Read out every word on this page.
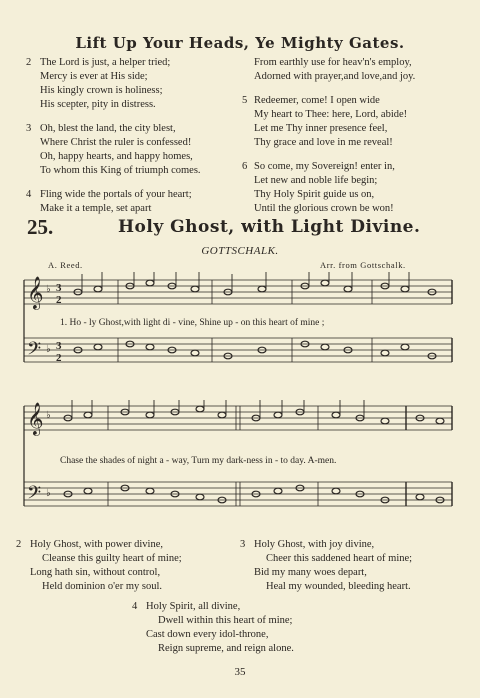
Lift Up Your Heads, Ye Mighty Gates.
2 The Lord is just, a helper tried;
Mercy is ever at His side;
His kingly crown is holiness;
His scepter, pity in distress.
3 Oh, blest the land, the city blest,
Where Christ the ruler is confessed!
Oh, happy hearts, and happy homes,
To whom this King of triumph comes.
4 Fling wide the portals of your heart;
Make it a temple, set apart
From earthly use for heav'n's employ,
Adorned with prayer,and love,and joy.
5 Redeemer, come! I open wide
My heart to Thee: here, Lord, abide!
Let me Thy inner presence feel,
Thy grace and love in me reveal!
6 So come, my Sovereign! enter in,
Let new and noble life begin;
Thy Holy Spirit guide us on,
Until the glorious crown be won!
25.	Holy Ghost, with Light Divine.
GOTTSCHALK.
A. Reed.	Arr. from Gottschalk.
𝄞
𝄢
♭
♭
3
2
3
2
1. Ho - ly Ghost,with light di - vine, Shine up - on this heart of mine ;
𝄞
𝄢
♭
♭
Chase the shades of night a - way, Turn my dark-ness in - to day. A-men.
2 Holy Ghost, with power divine,
Cleanse this guilty heart of mine;
Long hath sin, without control,
Held dominion o'er my soul.
3 Holy Ghost, with joy divine,
Cheer this saddened heart of mine;
Bid my many woes depart,
Heal my wounded, bleeding heart.
4 Holy Spirit, all divine,
Dwell within this heart of mine;
Cast down every idol-throne,
Reign supreme, and reign alone.
35
